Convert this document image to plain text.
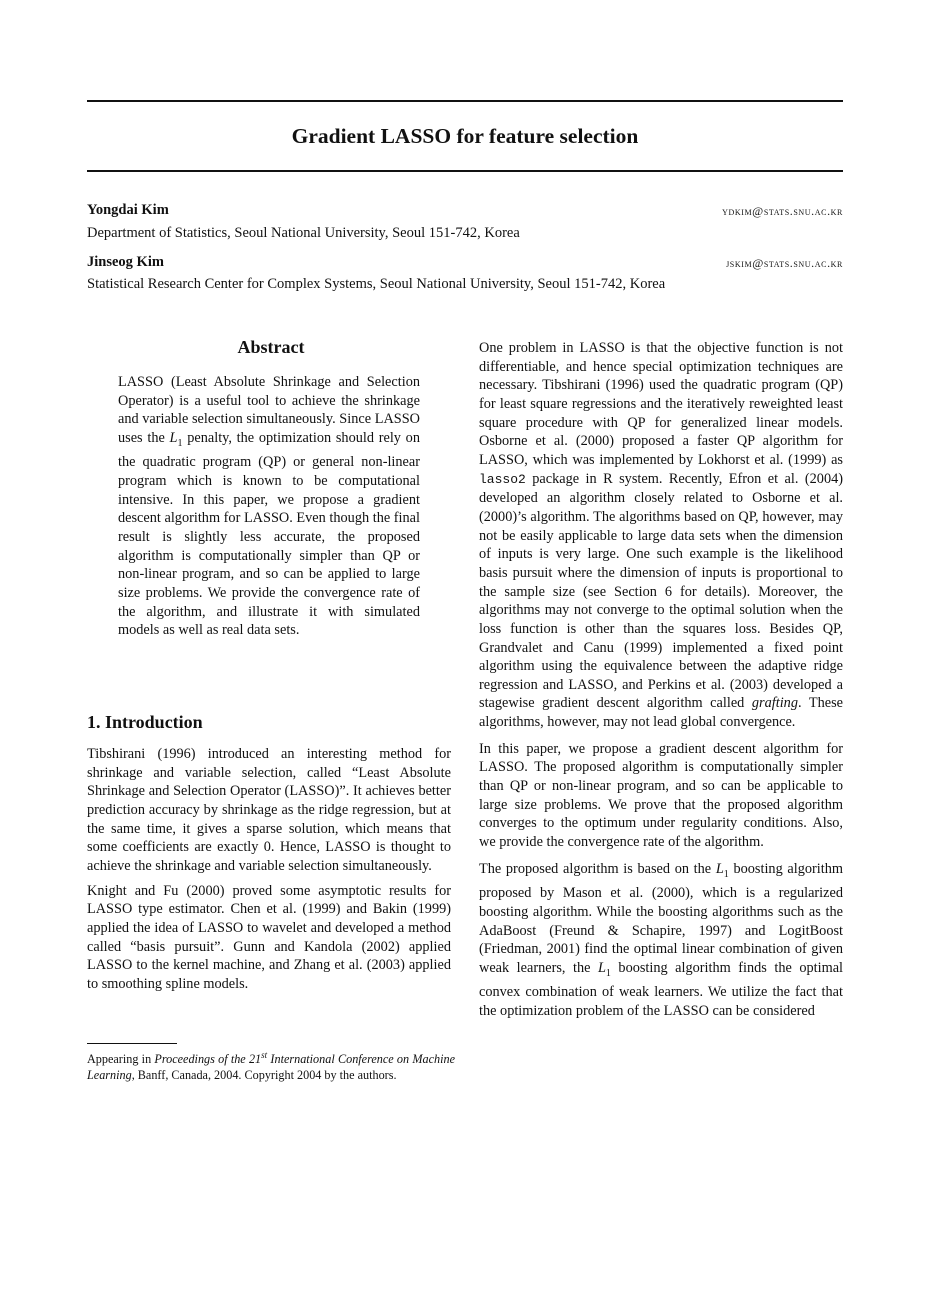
Gradient LASSO for feature selection
Yongdai Kim	ydkim@stats.snu.ac.kr
Department of Statistics, Seoul National University, Seoul 151-742, Korea
Jinseog Kim	jskim@stats.snu.ac.kr
Statistical Research Center for Complex Systems, Seoul National University, Seoul 151-742, Korea
Abstract

LASSO (Least Absolute Shrinkage and Selection Operator) is a useful tool to achieve the shrinkage and variable selection simultaneously. Since LASSO uses the $L_1$ penalty, the optimization should rely on the quadratic program (QP) or general non-linear program which is known to be computational intensive. In this paper, we propose a gradient descent algorithm for LASSO. Even though the final result is slightly less accurate, the proposed algorithm is computationally simpler than QP or non-linear program, and so can be applied to large size problems. We provide the convergence rate of the algorithm, and illustrate it with simulated models as well as real data sets.

1. Introduction

Tibshirani (1996) introduced an interesting method for shrinkage and variable selection, called “Least Absolute Shrinkage and Selection Operator (LASSO)”. It achieves better prediction accuracy by shrinkage as the ridge regression, but at the same time, it gives a sparse solution, which means that some coefficients are exactly 0. Hence, LASSO is thought to achieve the shrinkage and variable selection simultaneously.

Knight and Fu (2000) proved some asymptotic results for LASSO type estimator. Chen et al. (1999) and Bakin (1999) applied the idea of LASSO to wavelet and developed a method called “basis pursuit”. Gunn and Kandola (2002) applied LASSO to the kernel machine, and Zhang et al. (2003) applied to smoothing spline models.

Appearing in Proceedings of the 21st International Conference on Machine Learning, Banff, Canada, 2004. Copyright 2004 by the authors.

One problem in LASSO is that the objective function is not differentiable, and hence special optimization techniques are necessary. Tibshirani (1996) used the quadratic program (QP) for least square regressions and the iteratively reweighted least square procedure with QP for generalized linear models. Osborne et al. (2000) proposed a faster QP algorithm for LASSO, which was implemented by Lokhorst et al. (1999) as lasso2 package in R system. Recently, Efron et al. (2004) developed an algorithm closely related to Osborne et al. (2000)’s algorithm. The algorithms based on QP, however, may not be easily applicable to large data sets when the dimension of inputs is very large. One such example is the likelihood basis pursuit where the dimension of inputs is proportional to the sample size (see Section 6 for details). Moreover, the algorithms may not converge to the optimal solution when the loss function is other than the squares loss. Besides QP, Grandvalet and Canu (1999) implemented a fixed point algorithm using the equivalence between the adaptive ridge regression and LASSO, and Perkins et al. (2003) developed a stagewise gradient descent algorithm called grafting. These algorithms, however, may not lead global convergence.

In this paper, we propose a gradient descent algorithm for LASSO. The proposed algorithm is computationally simpler than QP or non-linear program, and so can be applicable to large size problems. We prove that the proposed algorithm converges to the optimum under regularity conditions. Also, we provide the convergence rate of the algorithm.

The proposed algorithm is based on the $L_1$ boosting algorithm proposed by Mason et al. (2000), which is a regularized boosting algorithm. While the boosting algorithms such as the AdaBoost (Freund & Schapire, 1997) and LogitBoost (Friedman, 2001) find the optimal linear combination of given weak learners, the $L_1$ boosting algorithm finds the optimal convex combination of weak learners. We utilize the fact that the optimization problem of the LASSO can be considered
